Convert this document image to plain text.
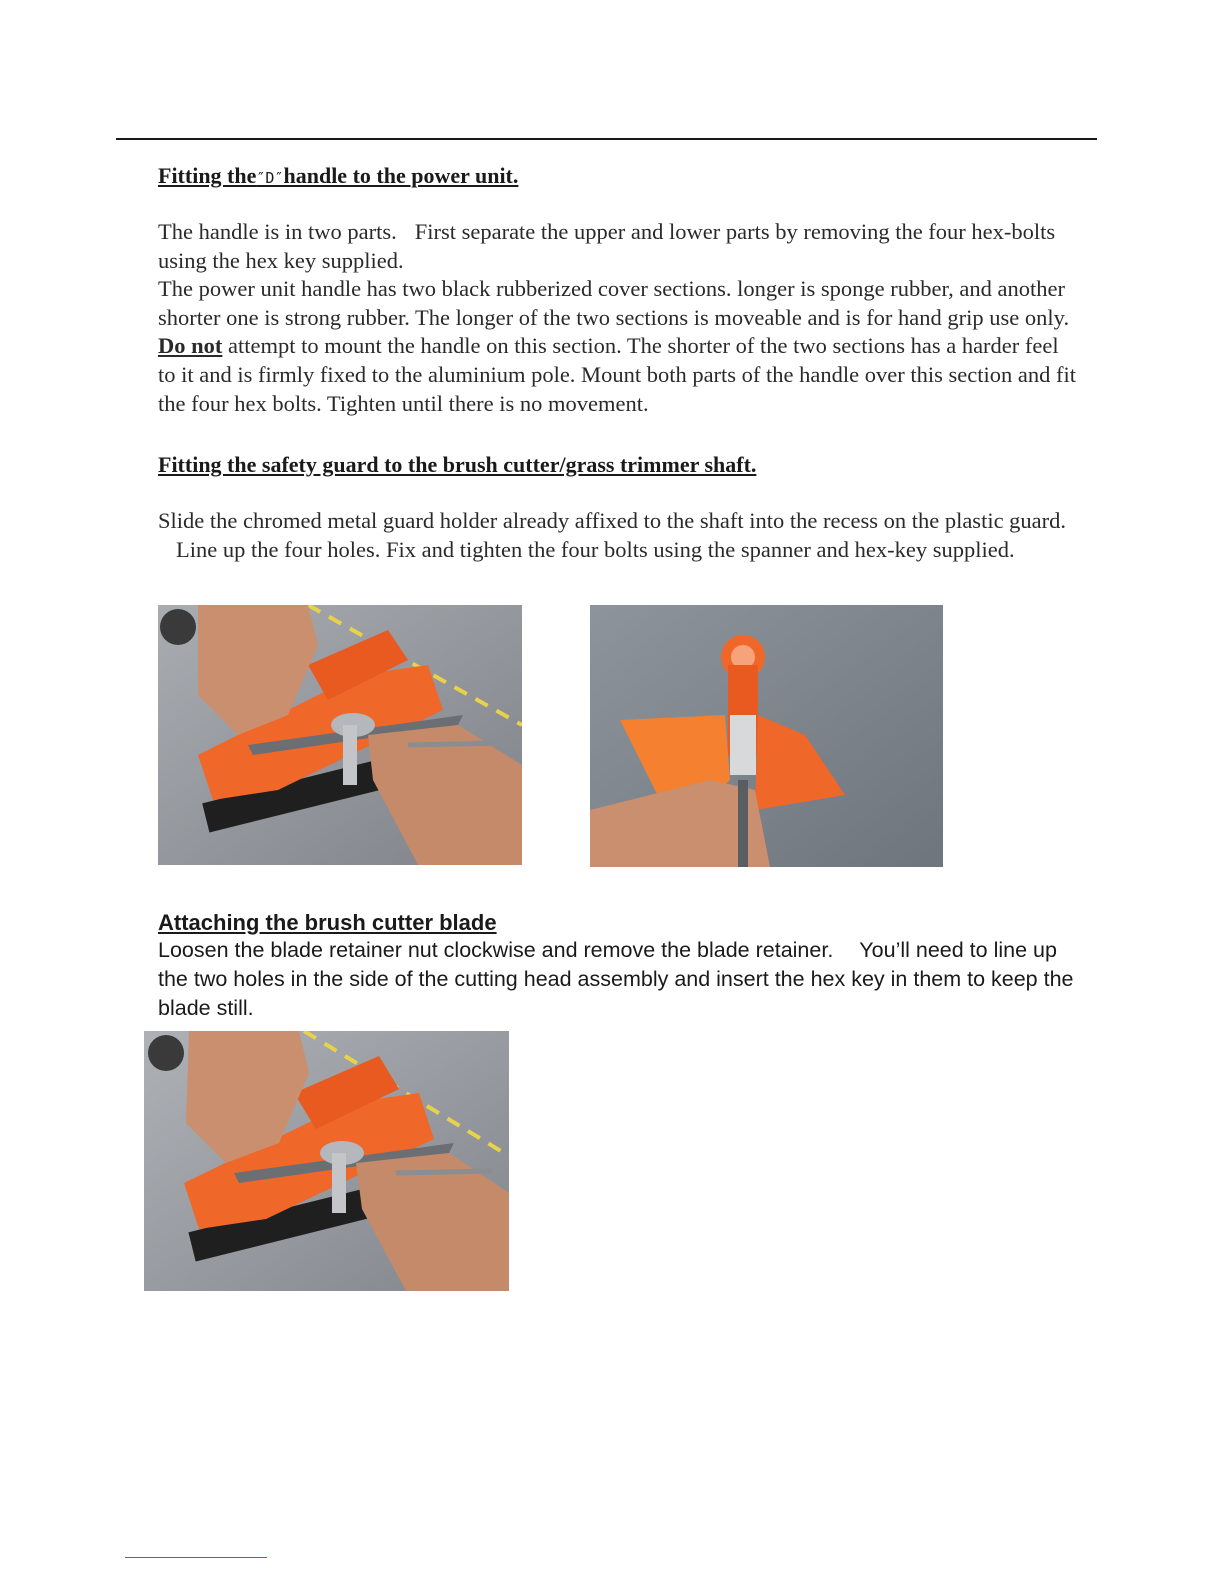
Fitting the″D″handle to the power unit.

The handle is in two parts. First separate the upper and lower parts by removing the four hex-bolts using the hex key supplied.

The power unit handle has two black rubberized cover sections. longer is sponge rubber, and another shorter one is strong rubber. The longer of the two sections is moveable and is for hand grip use only. Do not attempt to mount the handle on this section. The shorter of the two sections has a harder feel to it and is firmly fixed to the aluminium pole. Mount both parts of the handle over this section and fit the four hex bolts. Tighten until there is no movement.

Fitting the safety guard to the brush cutter/grass trimmer shaft.

Slide the chromed metal guard holder already affixed to the shaft into the recess on the plastic guard.Line up the four holes. Fix and tighten the four bolts using the spanner and hex-key supplied.

Attaching the brush cutter blade

Loosen the blade retainer nut clockwise and remove the blade retainer. You’ll need to line up the two holes in the side of the cutting head assembly and insert the hex key in them to keep the blade still.
